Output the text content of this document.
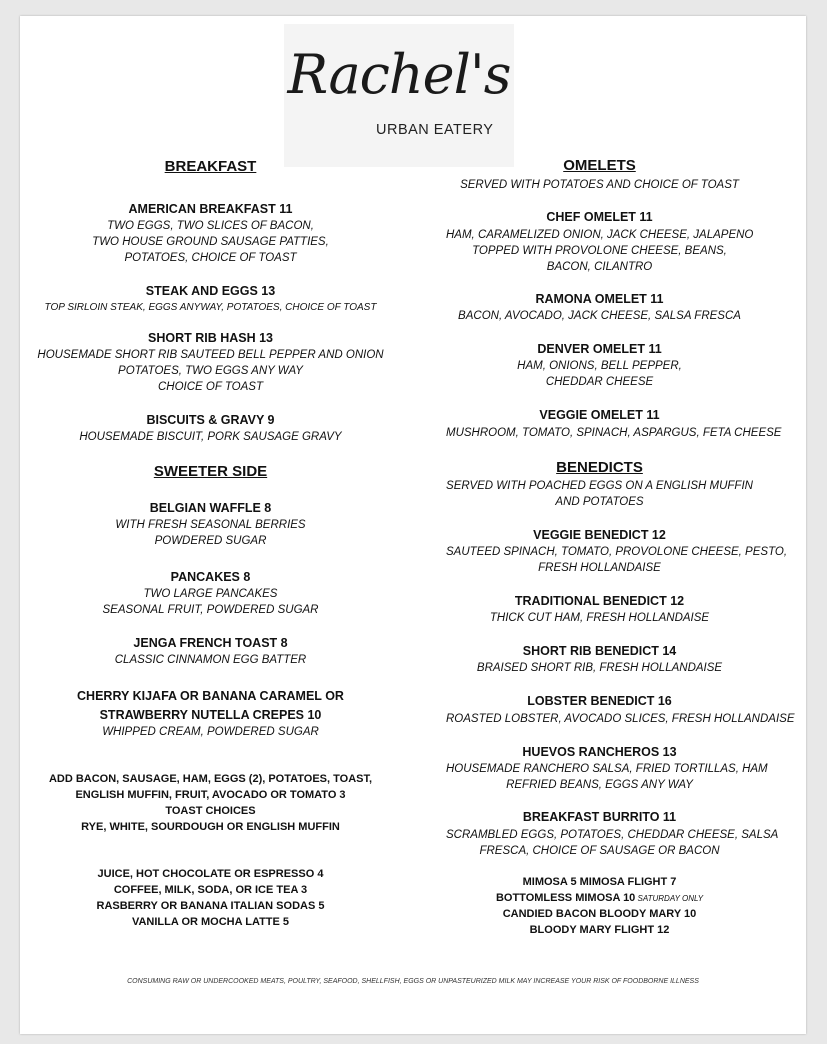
Rachel's
URBAN EATERY
BREAKFAST
AMERICAN BREAKFAST 11
TWO EGGS, TWO SLICES OF BACON,
TWO HOUSE GROUND SAUSAGE PATTIES,
POTATOES, CHOICE OF TOAST
STEAK AND EGGS 13
TOP SIRLOIN STEAK, EGGS ANYWAY, POTATOES, CHOICE OF TOAST
SHORT RIB HASH 13
HOUSEMADE SHORT RIB SAUTEED BELL PEPPER AND ONION
POTATOES, TWO EGGS ANY WAY
CHOICE OF TOAST
BISCUITS & GRAVY 9
HOUSEMADE BISCUIT, PORK SAUSAGE GRAVY
SWEETER SIDE
BELGIAN WAFFLE 8
WITH FRESH SEASONAL BERRIES
POWDERED SUGAR
PANCAKES 8
TWO LARGE PANCAKES
SEASONAL FRUIT, POWDERED SUGAR
JENGA FRENCH TOAST 8
CLASSIC CINNAMON EGG BATTER
CHERRY KIJAFA OR BANANA CARAMEL OR
STRAWBERRY NUTELLA CREPES 10
WHIPPED CREAM, POWDERED SUGAR
ADD BACON, SAUSAGE, HAM, EGGS (2), POTATOES, TOAST,
ENGLISH MUFFIN, FRUIT, AVOCADO OR TOMATO 3
TOAST CHOICES
RYE, WHITE, SOURDOUGH OR ENGLISH MUFFIN
JUICE, HOT CHOCOLATE OR ESPRESSO 4
COFFEE, MILK, SODA, OR ICE TEA 3
RASBERRY OR BANANA ITALIAN SODAS 5
VANILLA OR MOCHA LATTE 5
OMELETS
SERVED WITH POTATOES AND CHOICE OF TOAST
CHEF OMELET 11
HAM, CARAMELIZED ONION, JACK CHEESE, JALAPENO
TOPPED WITH PROVOLONE CHEESE, BEANS,
BACON, CILANTRO
RAMONA OMELET 11
BACON, AVOCADO, JACK CHEESE, SALSA FRESCA
DENVER OMELET 11
HAM, ONIONS, BELL PEPPER,
CHEDDAR CHEESE
VEGGIE OMELET 11
MUSHROOM, TOMATO, SPINACH, ASPARGUS, FETA CHEESE
BENEDICTS
SERVED WITH POACHED EGGS ON A ENGLISH MUFFIN
AND POTATOES
VEGGIE BENEDICT 12
SAUTEED SPINACH, TOMATO, PROVOLONE CHEESE, PESTO,
FRESH HOLLANDAISE
TRADITIONAL BENEDICT 12
THICK CUT HAM, FRESH HOLLANDAISE
SHORT RIB BENEDICT 14
BRAISED SHORT RIB, FRESH HOLLANDAISE
LOBSTER BENEDICT 16
ROASTED LOBSTER, AVOCADO SLICES, FRESH HOLLANDAISE
HUEVOS RANCHEROS 13
HOUSEMADE RANCHERO SALSA, FRIED TORTILLAS, HAM
REFRIED BEANS, EGGS ANY WAY
BREAKFAST BURRITO 11
SCRAMBLED EGGS, POTATOES, CHEDDAR CHEESE, SALSA
FRESCA, CHOICE OF SAUSAGE OR BACON
MIMOSA 5 MIMOSA FLIGHT 7
BOTTOMLESS MIMOSA 10 SATURDAY ONLY
CANDIED BACON BLOODY MARY 10
BLOODY MARY FLIGHT 12
CONSUMING RAW OR UNDERCOOKED MEATS, POULTRY, SEAFOOD, SHELLFISH, EGGS OR UNPASTEURIZED MILK MAY INCREASE YOUR RISK OF FOODBORNE ILLNESS
